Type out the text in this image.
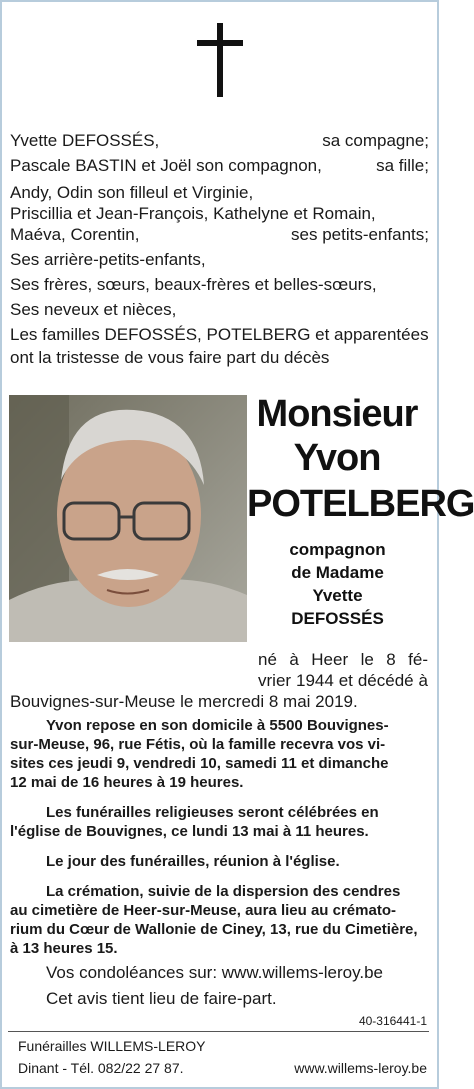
Yvette DEFOSSÉS,	sa compagne;
Pascale BASTIN et Joël son compagnon,	sa fille;
Andy, Odin son filleul et Virginie,
Priscillia et Jean-François, Kathelyne et Romain,
Maéva, Corentin,	ses petits-enfants;
Ses arrière-petits-enfants,
Ses frères, sœurs, beaux-frères et belles-sœurs,
Ses neveux et nièces,
Les familles DEFOSSÉS, POTELBERG et apparentées
ont la tristesse de vous faire part du décès
Monsieur
Yvon
POTELBERG
compagnon
de Madame
Yvette
DEFOSSÉS
né à Heer le 8 fé-
vrier 1944 et décédé à
Bouvignes-sur-Meuse le mercredi 8 mai 2019.
Yvon repose en son domicile à 5500 Bouvignes-
sur-Meuse, 96, rue Fétis, où la famille recevra vos vi-
sites ces jeudi 9, vendredi 10, samedi 11 et dimanche
12 mai de 16 heures à 19 heures.
Les funérailles religieuses seront célébrées en
l'église de Bouvignes, ce lundi 13 mai à 11 heures.
Le jour des funérailles, réunion à l'église.
La crémation, suivie de la dispersion des cendres
au cimetière de Heer-sur-Meuse, aura lieu au crémato-
rium du Cœur de Wallonie de Ciney, 13, rue du Cimetière,
à 13 heures 15.
Vos condoléances sur: www.willems-leroy.be
Cet avis tient lieu de faire-part.
40-316441-1
Funérailles WILLEMS-LEROY
Dinant - Tél. 082/22 27 87.	www.willems-leroy.be
